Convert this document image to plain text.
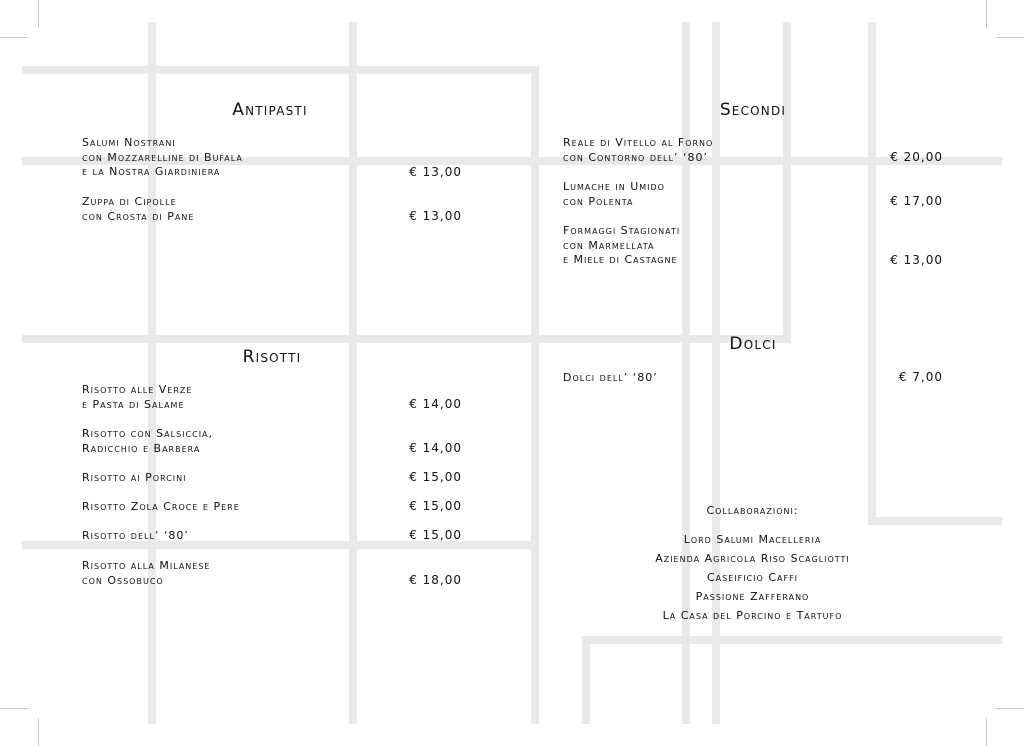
Antipasti
Salumi Nostrani
con Mozzarelline di Bufala
e la Nostra Giardiniera	€ 13,00
Zuppa di Cipolle
con Crosta di Pane	€ 13,00
Risotti
Risotto alle Verze
e Pasta di Salame	€ 14,00
Risotto con Salsiccia,
Radicchio e Barbera	€ 14,00
Risotto ai Porcini	€ 15,00
Risotto Zola Croce e Pere	€ 15,00
Risotto dell’ ‘80’	€ 15,00
Risotto alla Milanese
con Ossobuco	€ 18,00
Secondi
Reale di Vitello al Forno
con Contorno dell’ ‘80’	€ 20,00
Lumache in Umido
con Polenta	€ 17,00
Formaggi Stagionati
con Marmellata
e Miele di Castagne	€ 13,00
Dolci
Dolci dell’ ‘80’	€ 7,00
Collaborazioni:
Lord Salumi Macelleria
Azienda Agricola Riso Scagliotti
Caseificio Caffi
Passione Zafferano
La Casa del Porcino e Tartufo
